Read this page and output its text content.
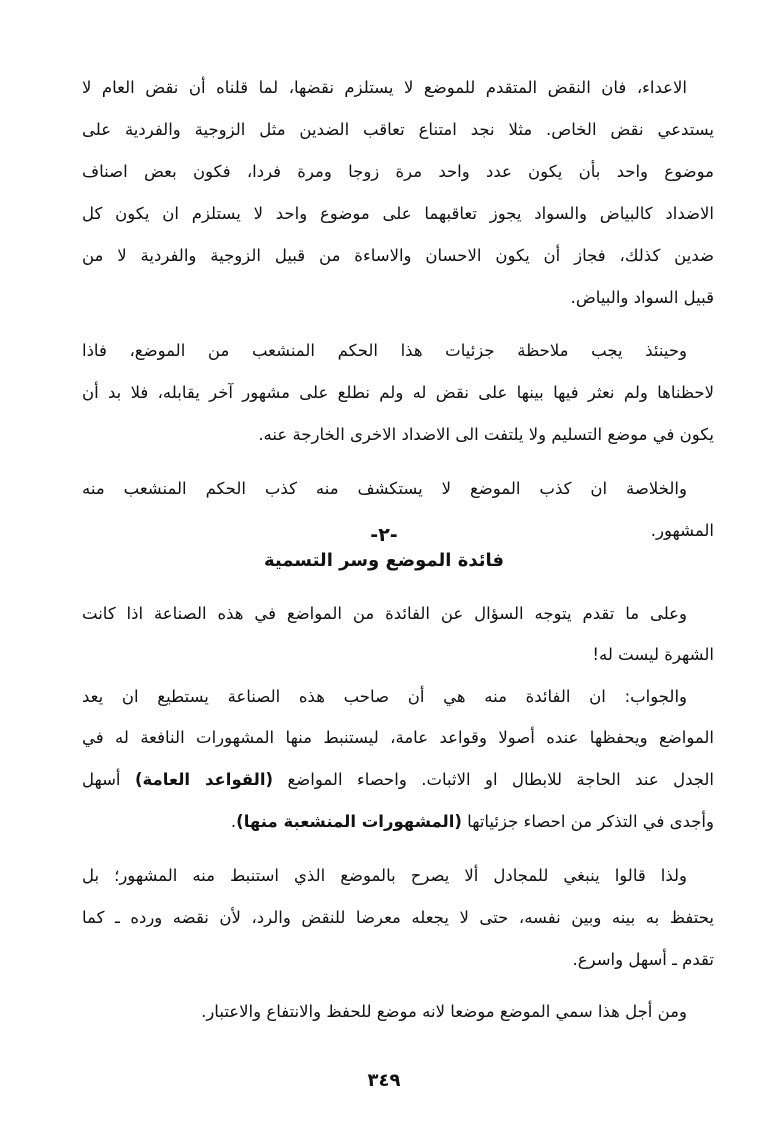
-٢-
فائدة الموضع وسر التسمية
٣٤٩
الاعداء، فان النقض المتقدم للموضع لا يستلزم نقضها، لما قلناه أن نقض العام لا
يستدعي نقض الخاص. مثلا نجد امتناع تعاقب الضدين مثل الزوجية والفردية على
موضوع واحد بأن يكون عدد واحد مرة زوجا ومرة فردا، فكون بعض اصناف
الاضداد كالبياض والسواد يجوز تعاقبهما على موضوع واحد لا يستلزم ان يكون كل
ضدين كذلك، فجاز أن يكون الاحسان والاساءة من قبيل الزوجية والفردية لا من
قبيل السواد والبياض.
وحينئذ يجب ملاحظة جزئيات هذا الحكم المنشعب من الموضع، فاذا
لاحظناها ولم نعثر فيها بينها على نقض له ولم نطلع على مشهور آخر يقابله، فلا بد أن
يكون في موضع التسليم ولا يلتفت الى الاضداد الاخرى الخارجة عنه.
والخلاصة ان كذب الموضع لا يستكشف منه كذب الحكم المنشعب منه
المشهور.
وعلى ما تقدم يتوجه السؤال عن الفائدة من المواضع في هذه الصناعة اذا كانت
الشهرة ليست له!
والجواب: ان الفائدة منه هي أن صاحب هذه الصناعة يستطيع ان يعد
المواضع ويحفظها عنده أصولا وقواعد عامة، ليستنبط منها المشهورات النافعة له في
الجدل عند الحاجة للابطال او الاثبات. واحصاء المواضع (القواعد العامة) أسهل
وأجدى في التذكر من احصاء جزئياتها (المشهورات المنشعبة منها).
ولذا قالوا ينبغي للمجادل ألا يصرح بالموضع الذي استنبط منه المشهور؛ بل
يحتفظ به بينه وبين نفسه، حتى لا يجعله معرضا للنقض والرد، لأن نقضه ورده ـ كما
تقدم ـ أسهل واسرع.
ومن أجل هذا سمي الموضع موضعا لانه موضع للحفظ والانتفاع والاعتبار.
